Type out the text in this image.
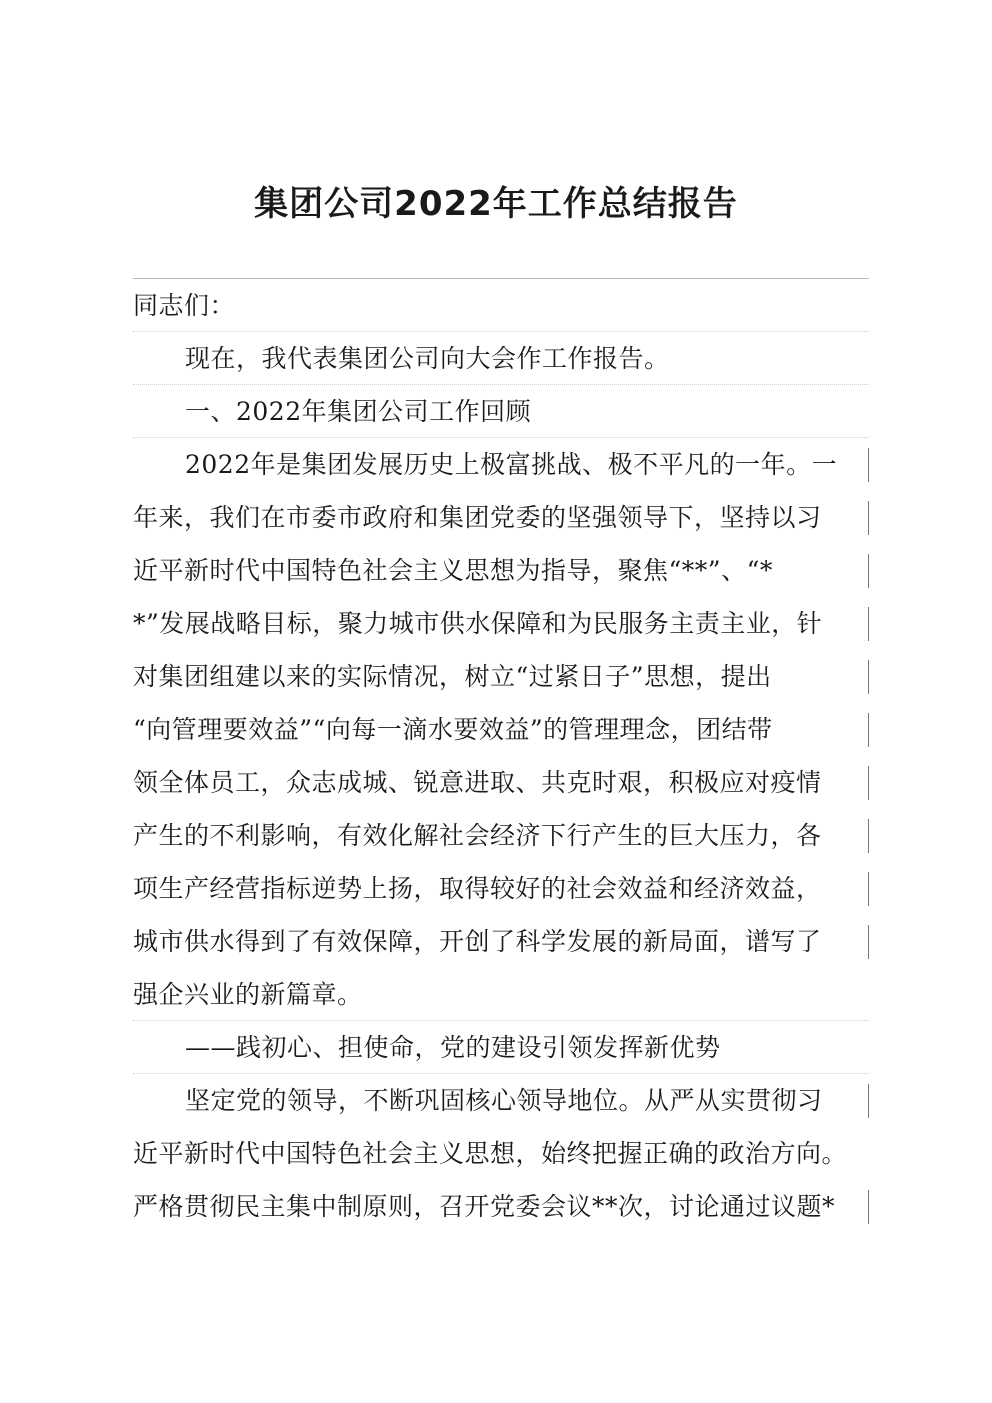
集团公司2022年工作总结报告
同志们：
现在，我代表集团公司向大会作工作报告。
一、2022年集团公司工作回顾
2022年是集团发展历史上极富挑战、极不平凡的一年。一
年来，我们在市委市政府和集团党委的坚强领导下，坚持以习
近平新时代中国特色社会主义思想为指导，聚焦“**”、“*
*”发展战略目标，聚力城市供水保障和为民服务主责主业，针
对集团组建以来的实际情况，树立“过紧日子”思想，提出
“向管理要效益”“向每一滴水要效益”的管理理念，团结带
领全体员工，众志成城、锐意进取、共克时艰，积极应对疫情
产生的不利影响，有效化解社会经济下行产生的巨大压力，各
项生产经营指标逆势上扬，取得较好的社会效益和经济效益，
城市供水得到了有效保障，开创了科学发展的新局面，谱写了
强企兴业的新篇章。
——践初心、担使命，党的建设引领发挥新优势
坚定党的领导，不断巩固核心领导地位。从严从实贯彻习
近平新时代中国特色社会主义思想，始终把握正确的政治方向。
严格贯彻民主集中制原则，召开党委会议**次，讨论通过议题*
